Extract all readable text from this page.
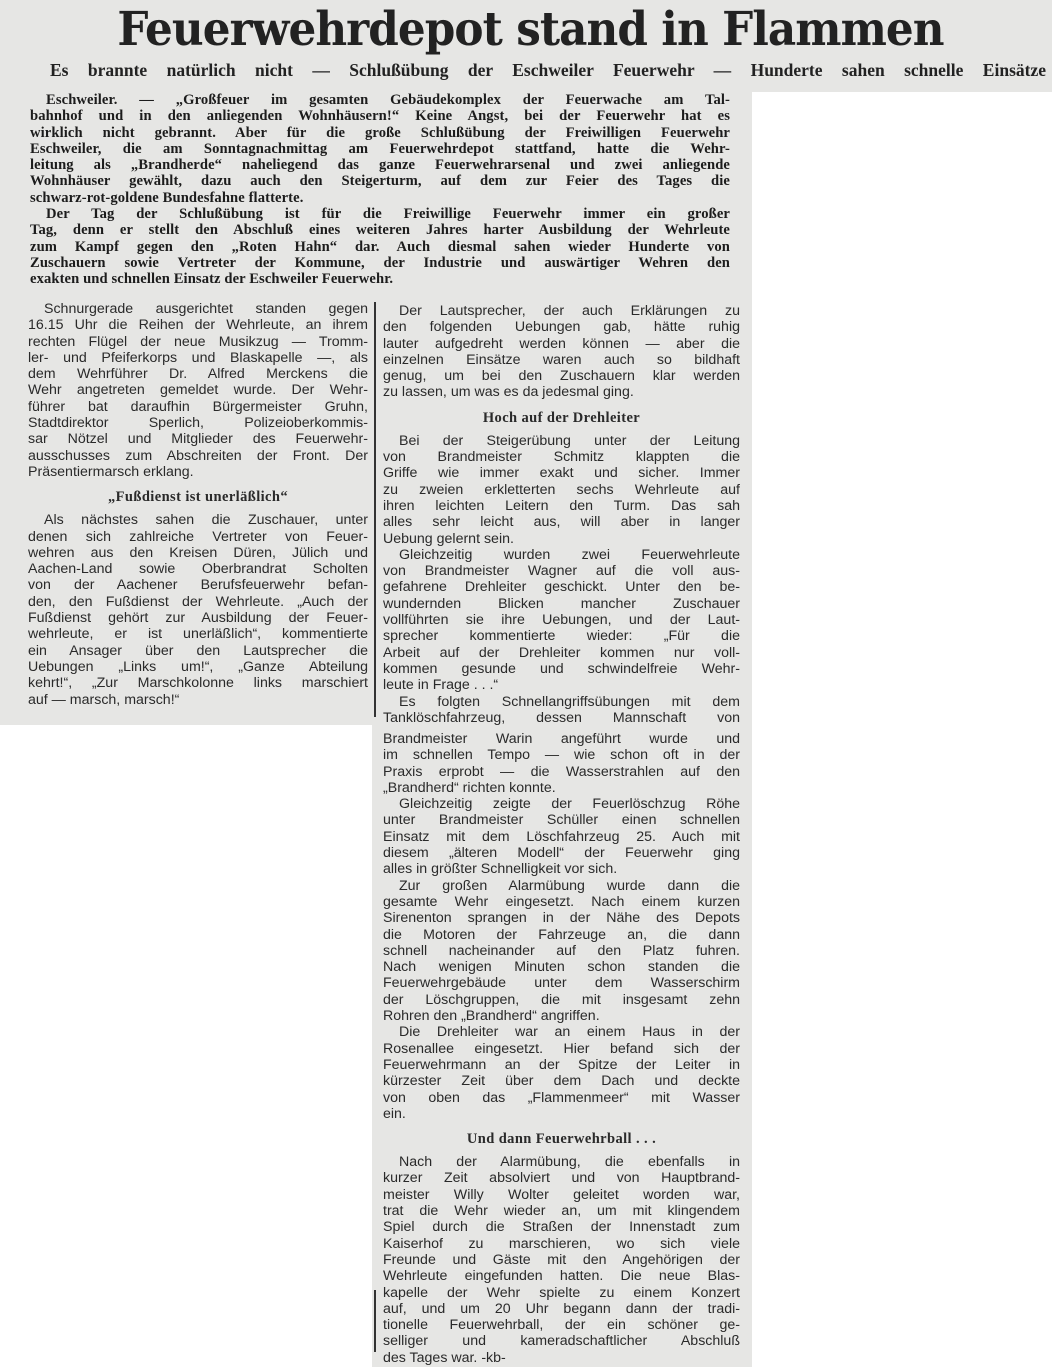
Feuerwehrdepot stand in Flammen
Es brannte natürlich nicht — Schlußübung der Eschweiler Feuerwehr — Hunderte sahen schnelle Einsätze
Eschweiler. — „Großfeuer im gesamten Gebäudekomplex der Feuerwache am Tal-
bahnhof und in den anliegenden Wohnhäusern!“ Keine Angst, bei der Feuerwehr hat es
wirklich nicht gebrannt. Aber für die große Schlußübung der Freiwilligen Feuerwehr
Eschweiler, die am Sonntagnachmittag am Feuerwehrdepot stattfand, hatte die Wehr-
leitung als „Brandherde“ naheliegend das ganze Feuerwehrarsenal und zwei anliegende
Wohnhäuser gewählt, dazu auch den Steigerturm, auf dem zur Feier des Tages die
schwarz-rot-goldene Bundesfahne flatterte.
Der Tag der Schlußübung ist für die Freiwillige Feuerwehr immer ein großer
Tag, denn er stellt den Abschluß eines weiteren Jahres harter Ausbildung der Wehrleute
zum Kampf gegen den „Roten Hahn“ dar. Auch diesmal sahen wieder Hunderte von
Zuschauern sowie Vertreter der Kommune, der Industrie und auswärtiger Wehren den
exakten und schnellen Einsatz der Eschweiler Feuerwehr.
Schnurgerade ausgerichtet standen gegen
16.15 Uhr die Reihen der Wehrleute, an ihrem
rechten Flügel der neue Musikzug — Tromm-
ler- und Pfeiferkorps und Blaskapelle —, als
dem Wehrführer Dr. Alfred Merckens die
Wehr angetreten gemeldet wurde. Der Wehr-
führer bat daraufhin Bürgermeister Gruhn,
Stadtdirektor Sperlich, Polizeioberkommis-
sar Nötzel und Mitglieder des Feuerwehr-
ausschusses zum Abschreiten der Front. Der
Präsentiermarsch erklang.
„Fußdienst ist unerläßlich“
Als nächstes sahen die Zuschauer, unter
denen sich zahlreiche Vertreter von Feuer-
wehren aus den Kreisen Düren, Jülich und
Aachen-Land sowie Oberbrandrat Scholten
von der Aachener Berufsfeuerwehr befan-
den, den Fußdienst der Wehrleute. „Auch der
Fußdienst gehört zur Ausbildung der Feuer-
wehrleute, er ist unerläßlich“, kommentierte
ein Ansager über den Lautsprecher die
Uebungen „Links um!“, „Ganze Abteilung
kehrt!“, „Zur Marschkolonne links marschiert
auf — marsch, marsch!“
Der Lautsprecher, der auch Erklärungen zu
den folgenden Uebungen gab, hätte ruhig
lauter aufgedreht werden können — aber die
einzelnen Einsätze waren auch so bildhaft
genug, um bei den Zuschauern klar werden
zu lassen, um was es da jedesmal ging.
Hoch auf der Drehleiter
Bei der Steigerübung unter der Leitung
von Brandmeister Schmitz klappten die
Griffe wie immer exakt und sicher. Immer
zu zweien erkletterten sechs Wehrleute auf
ihren leichten Leitern den Turm. Das sah
alles sehr leicht aus, will aber in langer
Uebung gelernt sein.
Gleichzeitig wurden zwei Feuerwehrleute
von Brandmeister Wagner auf die voll aus-
gefahrene Drehleiter geschickt. Unter den be-
wundernden Blicken mancher Zuschauer
vollführten sie ihre Uebungen, und der Laut-
sprecher kommentierte wieder: „Für die
Arbeit auf der Drehleiter kommen nur voll-
kommen gesunde und schwindelfreie Wehr-
leute in Frage . . .“
Es folgten Schnellangriffsübungen mit dem
Tanklöschfahrzeug, dessen Mannschaft von
Brandmeister Warin angeführt wurde und
im schnellen Tempo — wie schon oft in der
Praxis erprobt — die Wasserstrahlen auf den
„Brandherd“ richten konnte.
Gleichzeitig zeigte der Feuerlöschzug Röhe
unter Brandmeister Schüller einen schnellen
Einsatz mit dem Löschfahrzeug 25. Auch mit
diesem „älteren Modell“ der Feuerwehr ging
alles in größter Schnelligkeit vor sich.
Zur großen Alarmübung wurde dann die
gesamte Wehr eingesetzt. Nach einem kurzen
Sirenenton sprangen in der Nähe des Depots
die Motoren der Fahrzeuge an, die dann
schnell nacheinander auf den Platz fuhren.
Nach wenigen Minuten schon standen die
Feuerwehrgebäude unter dem Wasserschirm
der Löschgruppen, die mit insgesamt zehn
Rohren den „Brandherd“ angriffen.
Die Drehleiter war an einem Haus in der
Rosenallee eingesetzt. Hier befand sich der
Feuerwehrmann an der Spitze der Leiter in
kürzester Zeit über dem Dach und deckte
von oben das „Flammenmeer“ mit Wasser
ein.
Und dann Feuerwehrball . . .
Nach der Alarmübung, die ebenfalls in
kurzer Zeit absolviert und von Hauptbrand-
meister Willy Wolter geleitet worden war,
trat die Wehr wieder an, um mit klingendem
Spiel durch die Straßen der Innenstadt zum
Kaiserhof zu marschieren, wo sich viele
Freunde und Gäste mit den Angehörigen der
Wehrleute eingefunden hatten. Die neue Blas-
kapelle der Wehr spielte zu einem Konzert
auf, und um 20 Uhr begann dann der tradi-
tionelle Feuerwehrball, der ein schöner ge-
selliger und kameradschaftlicher Abschluß
des Tages war. -kb-
